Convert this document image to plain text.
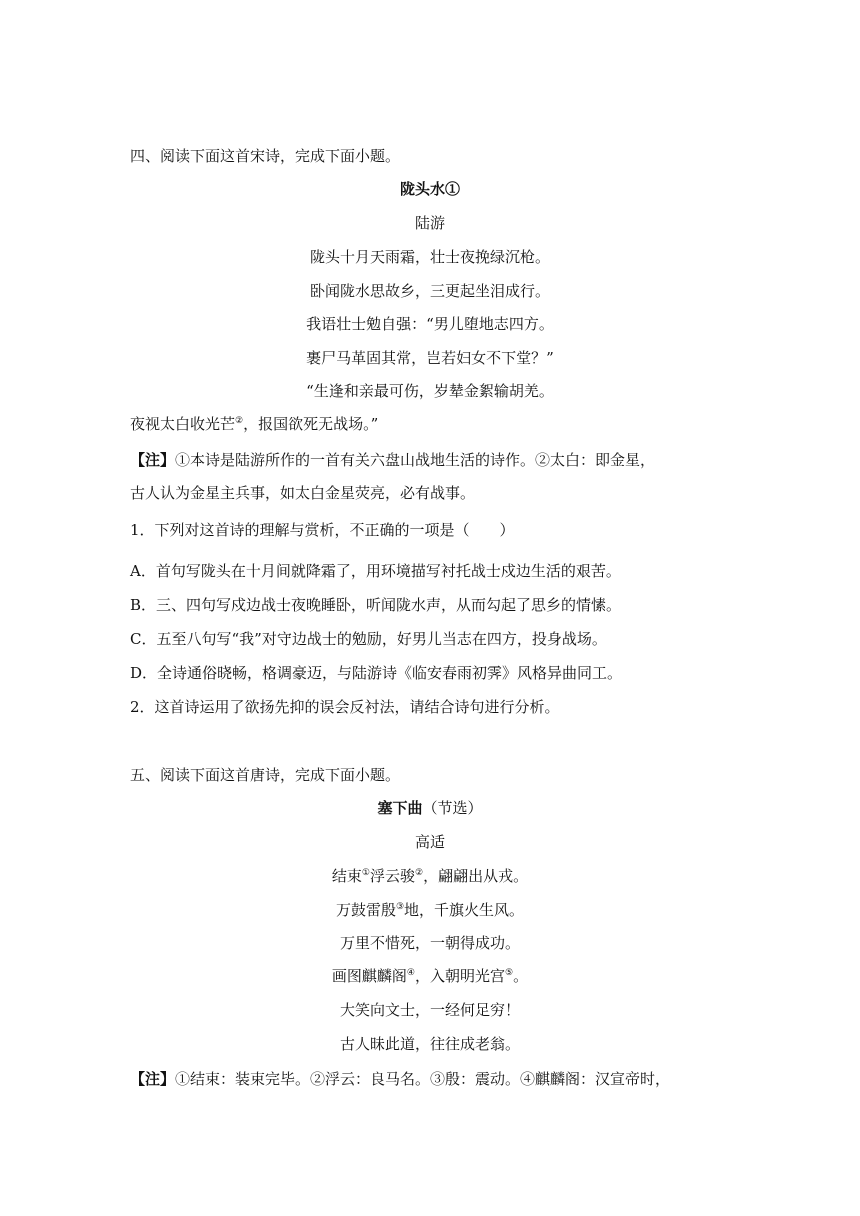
四、阅读下面这首宋诗，完成下面小题。
陇头水①
陆游
陇头十月天雨霜，壮士夜挽绿沉枪。
卧闻陇水思故乡，三更起坐泪成行。
我语壮士勉自强：“男儿堕地志四方。
裹尸马革固其常，岂若妇女不下堂？”
“生逢和亲最可伤，岁辇金絮输胡羌。
夜视太白收光芒②，报国欲死无战场。”
【注】①本诗是陆游所作的一首有关六盘山战地生活的诗作。②太白：即金星，
古人认为金星主兵事，如太白金星荧亮，必有战事。
1．下列对这首诗的理解与赏析，不正确的一项是（　　）
A．首句写陇头在十月间就降霜了，用环境描写衬托战士戍边生活的艰苦。
B．三、四句写戍边战士夜晚睡卧，听闻陇水声，从而勾起了思乡的情愫。
C．五至八句写“我”对守边战士的勉励，好男儿当志在四方，投身战场。
D．全诗通俗晓畅，格调豪迈，与陆游诗《临安春雨初霁》风格异曲同工。
2．这首诗运用了欲扬先抑的误会反衬法，请结合诗句进行分析。
五、阅读下面这首唐诗，完成下面小题。
塞下曲（节选）
高适
结束①浮云骏②，翩翩出从戎。
万鼓雷殷③地，千旗火生风。
万里不惜死，一朝得成功。
画图麒麟阁④，入朝明光宫⑤。
大笑向文士，一经何足穷！
古人昧此道，往往成老翁。
【注】①结束：装束完毕。②浮云：良马名。③殷：震动。④麒麟阁：汉宣帝时，
